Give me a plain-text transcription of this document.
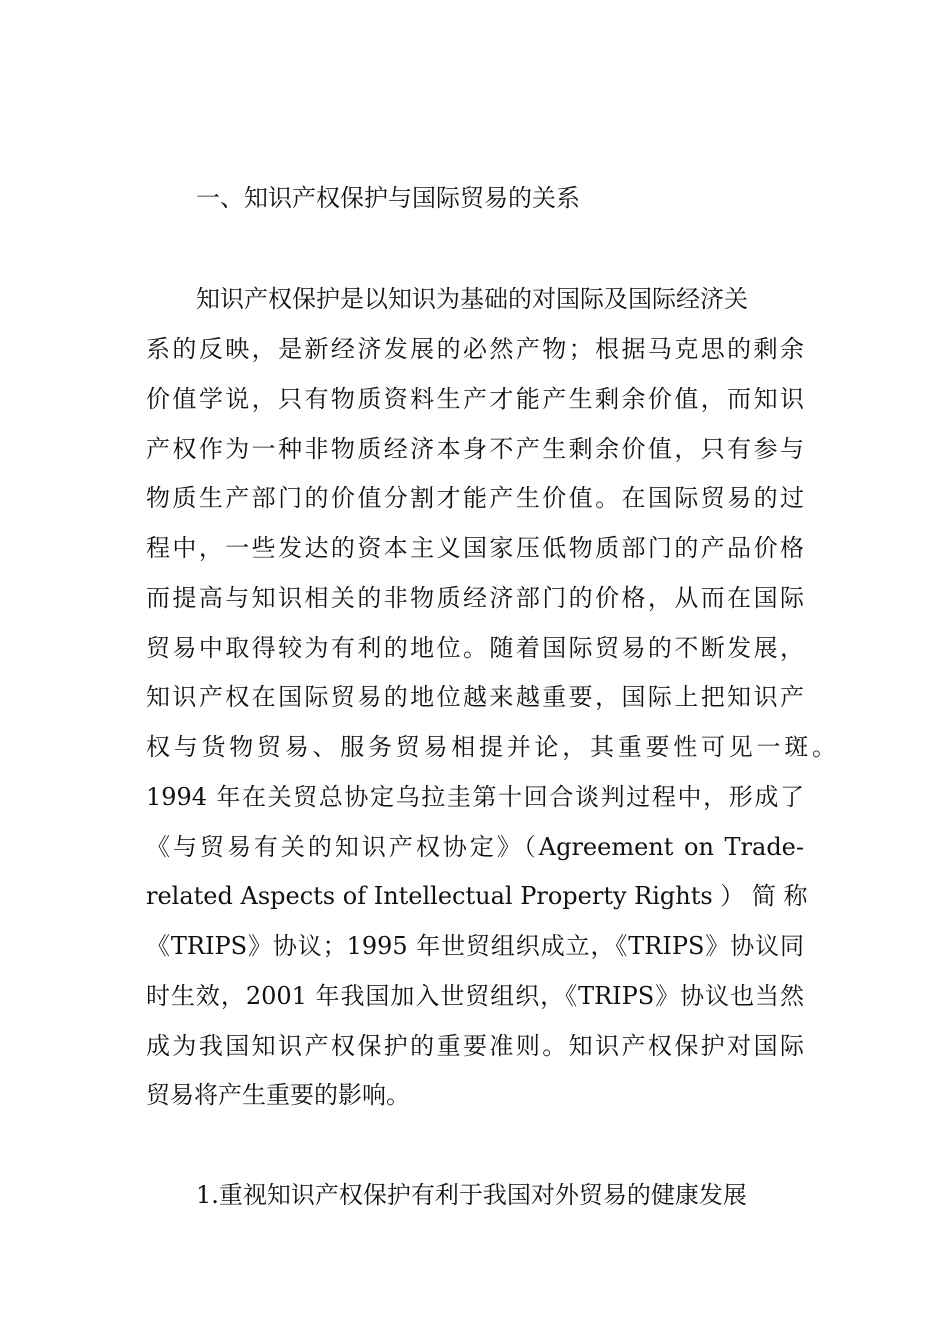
一、知识产权保护与国际贸易的关系
知识产权保护是以知识为基础的对国际及国际经济关
系的反映，是新经济发展的必然产物；根据马克思的剩余
价值学说，只有物质资料生产才能产生剩余价值，而知识
产权作为一种非物质经济本身不产生剩余价值，只有参与
物质生产部门的价值分割才能产生价值。在国际贸易的过
程中，一些发达的资本主义国家压低物质部门的产品价格
而提高与知识相关的非物质经济部门的价格，从而在国际
贸易中取得较为有利的地位。随着国际贸易的不断发展，
知识产权在国际贸易的地位越来越重要，国际上把知识产
权与货物贸易、服务贸易相提并论，其重要性可见一斑。
1994 年在关贸总协定乌拉圭第十回合谈判过程中，形成了
《与贸易有关的知识产权协定》（Agreement on Trade-
related Aspects of Intellectual Property Rights ） 简 称
《TRIPS》协议；1995 年世贸组织成立，《TRIPS》协议同
时生效，2001 年我国加入世贸组织，《TRIPS》协议也当然
成为我国知识产权保护的重要准则。知识产权保护对国际
贸易将产生重要的影响。
1.重视知识产权保护有利于我国对外贸易的健康发展
